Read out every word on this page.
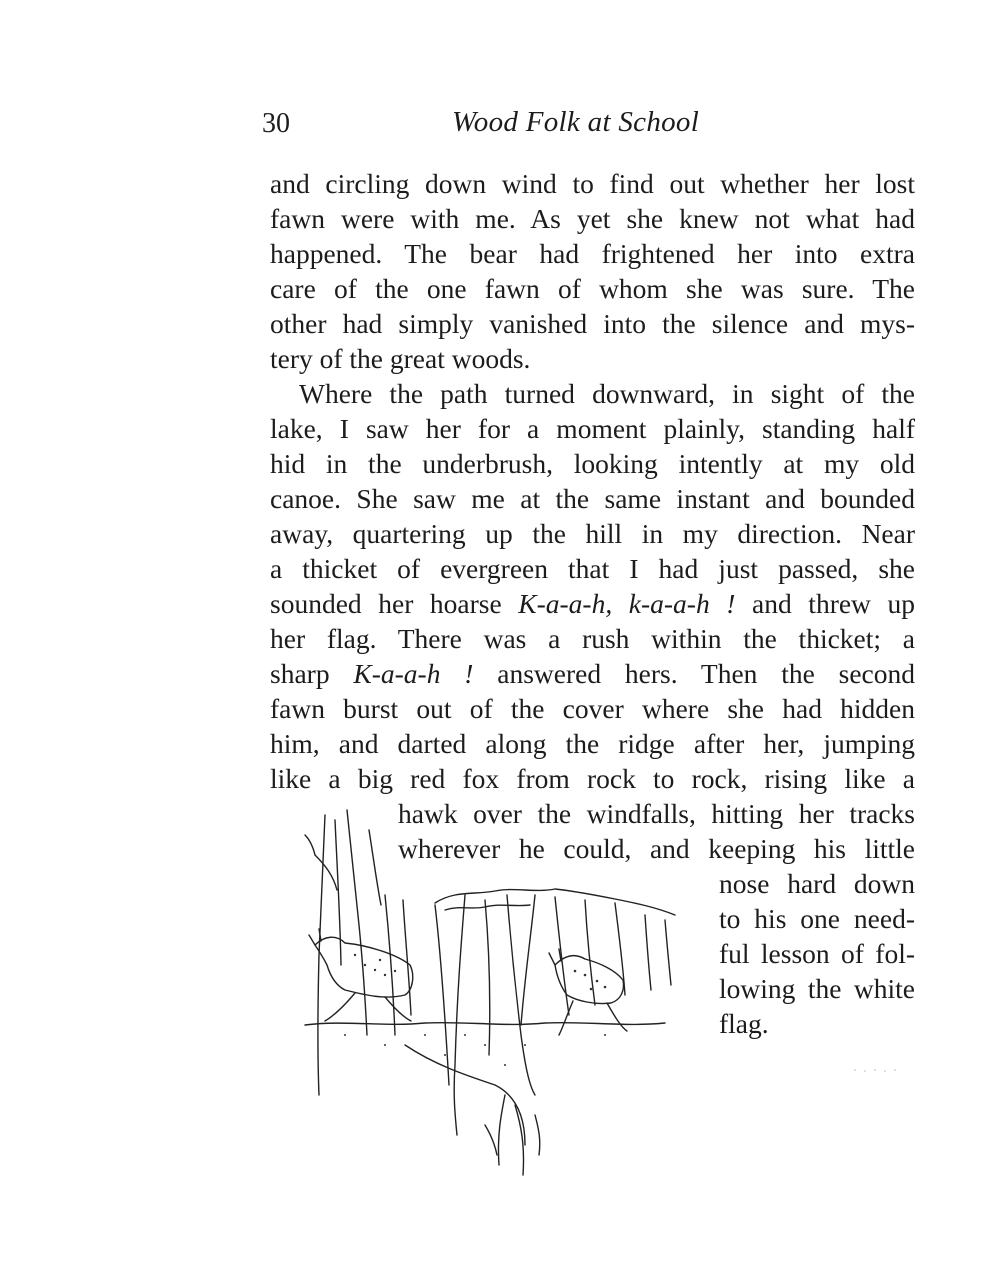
30	Wood Folk at School
and circling down wind to find out whether her lost
fawn were with me. As yet she knew not what had
happened. The bear had frightened her into extra
care of the one fawn of whom she was sure. The
other had simply vanished into the silence and mys-
tery of the great woods.
Where the path turned downward, in sight of the
lake, I saw her for a moment plainly, standing half
hid in the underbrush, looking intently at my old
canoe. She saw me at the same instant and bounded
away, quartering up the hill in my direction. Near
a thicket of evergreen that I had just passed, she
sounded her hoarse K-a-a-h, k-a-a-h ! and threw up
her flag. There was a rush within the thicket; a
sharp K-a-a-h ! answered hers. Then the second
fawn burst out of the cover where she had hidden
him, and darted along the ridge after her, jumping
like a big red fox from rock to rock, rising like a
hawk over the windfalls, hitting her tracks
wherever he could, and keeping his little
nose hard down
to his one need-
ful lesson of fol-
lowing the white
flag.
